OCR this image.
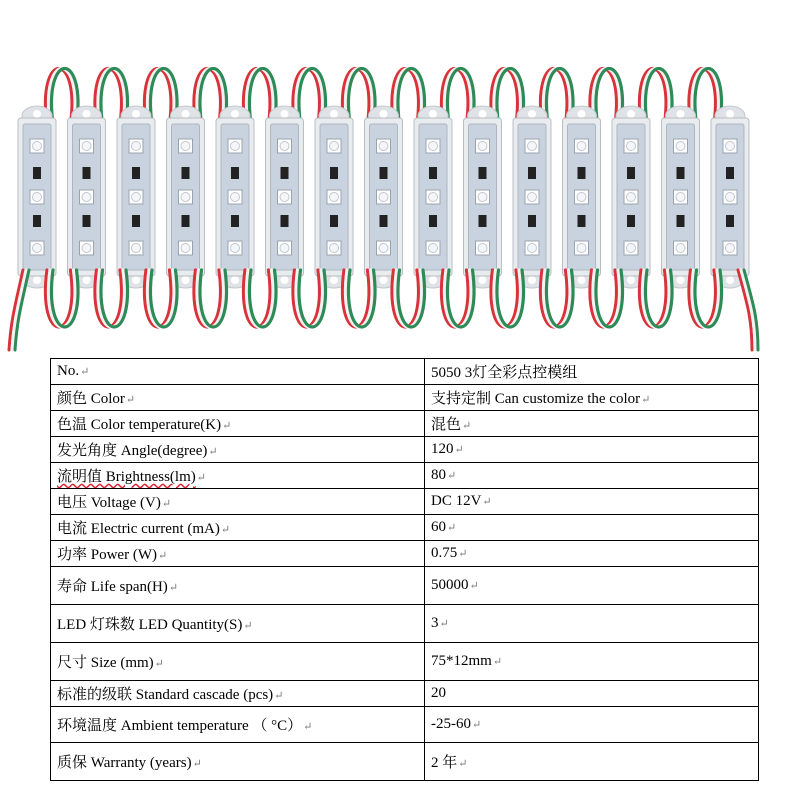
No.↵	5050 3灯全彩点控模组
颜色 Color↵	支持定制 Can customize the color↵
色温 Color temperature(K)↵	混色↵
发光角度 Angle(degree)↵	120↵
流明值 Brightness(lm)↵	80↵
电压 Voltage (V)↵	DC 12V↵
电流 Electric current (mA)↵	60↵
功率 Power (W)↵	0.75↵
寿命 Life span(H)↵	50000↵
LED 灯珠数 LED Quantity(S)↵	3↵
尺寸 Size (mm)↵	75*12mm↵
标准的级联 Standard cascade (pcs)↵	20
环境温度 Ambient temperature （ °C）↵	-25-60↵
质保 Warranty (years)↵	2 年↵
